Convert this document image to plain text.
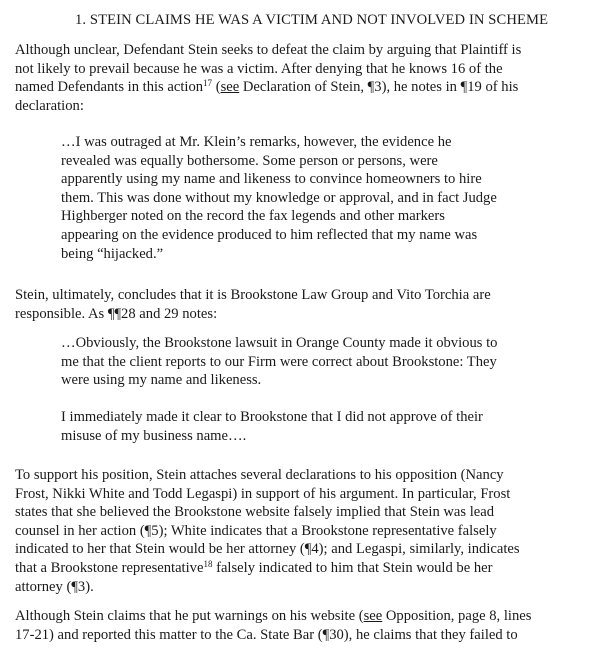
1. STEIN CLAIMS HE WAS A VICTIM AND NOT INVOLVED IN SCHEME

Although unclear, Defendant Stein seeks to defeat the claim by arguing that Plaintiff is
not likely to prevail because he was a victim. After denying that he knows 16 of the
named Defendants in this action$^{17}$ (see Declaration of Stein, ¶3), he notes in ¶19 of his
declaration:

…I was outraged at Mr. Klein’s remarks, however, the evidence he
revealed was equally bothersome. Some person or persons, were
apparently using my name and likeness to convince homeowners to hire
them. This was done without my knowledge or approval, and in fact Judge
Highberger noted on the record the fax legends and other markers
appearing on the evidence produced to him reflected that my name was
being “hijacked.”

Stein, ultimately, concludes that it is Brookstone Law Group and Vito Torchia are
responsible. As ¶¶28 and 29 notes:

…Obviously, the Brookstone lawsuit in Orange County made it obvious to
me that the client reports to our Firm were correct about Brookstone: They
were using my name and likeness.

I immediately made it clear to Brookstone that I did not approve of their
misuse of my business name….

To support his position, Stein attaches several declarations to his opposition (Nancy
Frost, Nikki White and Todd Legaspi) in support of his argument. In particular, Frost
states that she believed the Brookstone website falsely implied that Stein was lead
counsel in her action (¶5); White indicates that a Brookstone representative falsely
indicated to her that Stein would be her attorney (¶4); and Legaspi, similarly, indicates
that a Brookstone representative$^{18}$ falsely indicated to him that Stein would be her
attorney (¶3).

Although Stein claims that he put warnings on his website (see Opposition, page 8, lines
17-21) and reported this matter to the Ca. State Bar (¶30), he claims that they failed to
